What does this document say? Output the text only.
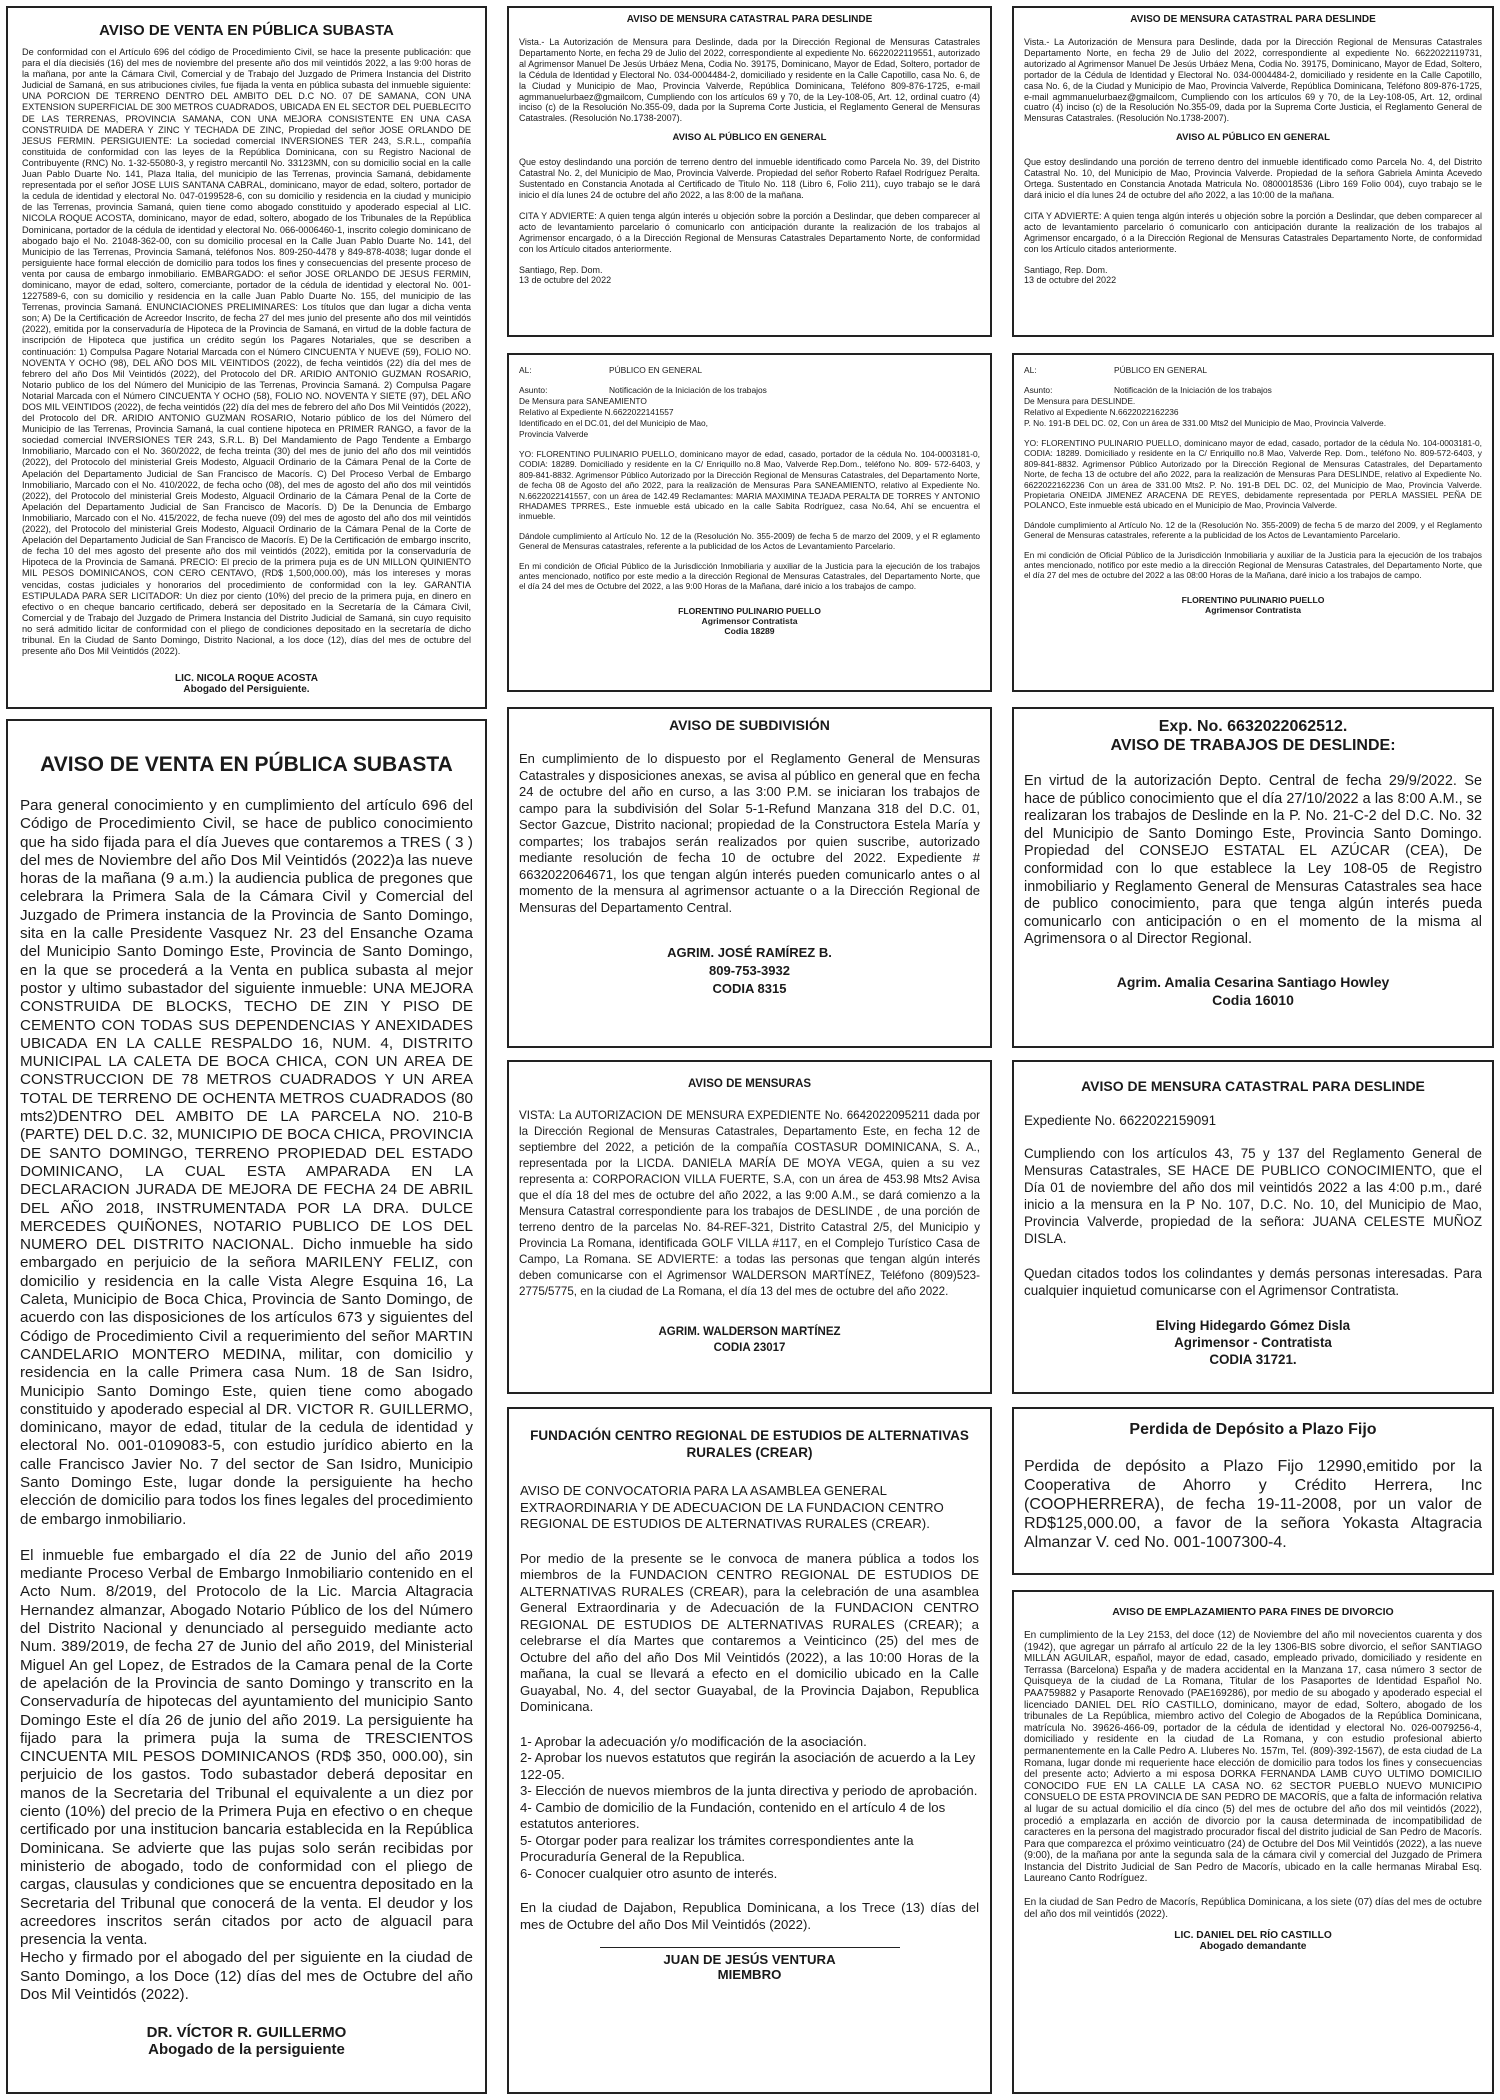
AVISO DE VENTA EN PÚBLICA SUBASTA

De conformidad con el Artículo 696 del código de Procedimiento Civil, se hace la presente publicación: que para el día diecisiés (16) del mes de noviembre del presente año dos mil veintidós 2022, a las 9:00 horas de la mañana, por ante la Cámara Civil, Comercial y de Trabajo del Juzgado de Primera Instancia del Distrito Judicial de Samaná, en sus atribuciones civiles, fue fijada la venta en pública subasta del inmueble siguiente: UNA PORCION DE TERRENO DENTRO DEL AMBITO DEL D.C NO. 07 DE SAMANA, CON UNA EXTENSION SUPERFICIAL DE 300 METROS CUADRADOS, UBICADA EN EL SECTOR DEL PUEBLECITO DE LAS TERRENAS, PROVINCIA SAMANA, CON UNA MEJORA CONSISTENTE EN UNA CASA CONSTRUIDA DE MADERA Y ZINC Y TECHADA DE ZINC, Propiedad del señor JOSE ORLANDO DE JESUS FERMIN. PERSIGUIENTE: La sociedad comercial INVERSIONES TER 243, S.R.L., compañía constituida de conformidad con las leyes de la República Dominicana, con su Registro Nacional de Contribuyente (RNC) No. 1-32-55080-3, y registro mercantil No. 33123MN, con su domicilio social en la calle Juan Pablo Duarte No. 141, Plaza Italia, del municipio de las Terrenas, provincia Samaná, debidamente representada por el señor JOSE LUIS SANTANA CABRAL, dominicano, mayor de edad, soltero, portador de la cedula de identidad y electoral No. 047-0199528-6, con su domicilio y residencia en la ciudad y municipio de las Terrenas, provincia Samaná, quien tiene como abogado constituido y apoderado especial al LIC. NICOLA ROQUE ACOSTA, dominicano, mayor de edad, soltero, abogado de los Tribunales de la República Dominicana, portador de la cédula de identidad y electoral No. 066-0006460-1, inscrito colegio dominicano de abogado bajo el No. 21048-362-00, con su domicilio procesal en la Calle Juan Pablo Duarte No. 141, del Municipio de las Terrenas, Provincia Samaná, teléfonos Nos. 809-250-4478 y 849-878-4038; lugar donde el persiguiente hace formal elección de domicilio para todos los fines y consecuencias del presente proceso de venta por causa de embargo inmobiliario. EMBARGADO: el señor JOSE ORLANDO DE JESUS FERMIN, dominicano, mayor de edad, soltero, comerciante, portador de la cédula de identidad y electoral No. 001-1227589-6, con su domicilio y residencia en la calle Juan Pablo Duarte No. 155, del municipio de las Terrenas, provincia Samaná. ENUNCIACIONES PRELIMINARES: Los títulos que dan lugar a dicha venta son; A) De la Certificación de Acreedor Inscrito, de fecha 27 del mes junio del presente año dos mil veintidós (2022), emitida por la conservaduría de Hipoteca de la Provincia de Samaná, en virtud de la doble factura de inscripción de Hipoteca que justifica un crédito según los Pagares Notariales, que se describen a continuación: 1) Compulsa Pagare Notarial Marcada con el Número CINCUENTA Y NUEVE (59), FOLIO NO. NOVENTA Y OCHO (98), DEL AÑO DOS MIL VEINTIDOS (2022), de fecha veintidós (22) día del mes de febrero del año Dos Mil Veintidós (2022), del Protocolo del DR. ARIDIO ANTONIO GUZMAN ROSARIO, Notario publico de los del Número del Municipio de las Terrenas, Provincia Samaná. 2) Compulsa Pagare Notarial Marcada con el Número CINCUENTA Y OCHO (58), FOLIO NO. NOVENTA Y SIETE (97), DEL AÑO DOS MIL VEINTIDOS (2022), de fecha veintidós (22) día del mes de febrero del año Dos Mil Veintidós (2022), del Protocolo del DR. ARIDIO ANTONIO GUZMAN ROSARIO, Notario público de los del Número del Municipio de las Terrenas, Provincia Samaná, la cual contiene hipoteca en PRIMER RANGO, a favor de la sociedad comercial INVERSIONES TER 243, S.R.L. B) Del Mandamiento de Pago Tendente a Embargo Inmobiliario, Marcado con el No. 360/2022, de fecha treinta (30) del mes de junio del año dos mil veintidós (2022), del Protocolo del ministerial Greis Modesto, Alguacil Ordinario de la Cámara Penal de la Corte de Apelación del Departamento Judicial de San Francisco de Macorís. C) Del Proceso Verbal de Embargo Inmobiliario, Marcado con el No. 410/2022, de fecha ocho (08), del mes de agosto del año dos mil veintidós (2022), del Protocolo del ministerial Greis Modesto, Alguacil Ordinario de la Cámara Penal de la Corte de Apelación del Departamento Judicial de San Francisco de Macorís. D) De la Denuncia de Embargo Inmobiliario, Marcado con el No. 415/2022, de fecha nueve (09) del mes de agosto del año dos mil veintidós (2022), del Protocolo del ministerial Greis Modesto, Alguacil Ordinario de la Cámara Penal de la Corte de Apelación del Departamento Judicial de San Francisco de Macorís. E) De la Certificación de embargo inscrito, de fecha 10 del mes agosto del presente año dos mil veintidós (2022), emitida por la conservaduría de Hipoteca de la Provincia de Samaná. PRECIO: El precio de la primera puja es de UN MILLON QUINIENTO MIL PESOS DOMINICANOS, CON CERO CENTAVO, (RD$ 1,500,000.00), más los intereses y moras vencidas, costas judiciales y honorarios del procedimiento de conformidad con la ley. GARANTIA ESTIPULADA PARA SER LICITADOR: Un diez por ciento (10%) del precio de la primera puja, en dinero en efectivo o en cheque bancario certificado, deberá ser depositado en la Secretaría de la Cámara Civil, Comercial y de Trabajo del Juzgado de Primera Instancia del Distrito Judicial de Samaná, sin cuyo requisito no será admitido licitar de conformidad con el pliego de condiciones depositado en la secretaría de dicho tribunal. En la Ciudad de Santo Domingo, Distrito Nacional, a los doce (12), días del mes de octubre del presente año Dos Mil Veintidós (2022).

LIC. NICOLA ROQUE ACOSTA

Abogado del Persiguiente.

AVISO DE VENTA EN PÚBLICA SUBASTA

Para general conocimiento y en cumplimiento del artículo 696 del Código de Procedimiento Civil, se hace de publico conocimiento que ha sido fijada para el día Jueves que contaremos a TRES ( 3 ) del mes de Noviembre del año Dos Mil Veintidós (2022)a las nueve horas de la mañana (9 a.m.) la audiencia publica de pregones que celebrara la Primera Sala de la Cámara Civil y Comercial del Juzgado de Primera instancia de la Provincia de Santo Domingo, sita en la calle Presidente Vasquez Nr. 23 del Ensanche Ozama del Municipio Santo Domingo Este, Provincia de Santo Domingo, en la que se procederá a la Venta en publica subasta al mejor postor y ultimo subastador del siguiente inmueble: UNA MEJORA CONSTRUIDA DE BLOCKS, TECHO DE ZIN Y PISO DE CEMENTO CON TODAS SUS DEPENDENCIAS Y ANEXIDADES UBICADA EN LA CALLE RESPALDO 16, NUM. 4, DISTRITO MUNICIPAL LA CALETA DE BOCA CHICA, CON UN AREA DE CONSTRUCCION DE 78 METROS CUADRADOS Y UN AREA TOTAL DE TERRENO DE OCHENTA METROS CUADRADOS (80 mts2)DENTRO DEL AMBITO DE LA PARCELA NO. 210-B (PARTE) DEL D.C. 32, MUNICIPIO DE BOCA CHICA, PROVINCIA DE SANTO DOMINGO, TERRENO PROPIEDAD DEL ESTADO DOMINICANO, LA CUAL ESTA AMPARADA EN LA DECLARACION JURADA DE MEJORA DE FECHA 24 DE ABRIL DEL AÑO 2018, INSTRUMENTADA POR LA DRA. DULCE MERCEDES QUIÑONES, NOTARIO PUBLICO DE LOS DEL NUMERO DEL DISTRITO NACIONAL. Dicho inmueble ha sido embargado en perjuicio de la señora MARILENY FELIZ, con domicilio y residencia en la calle Vista Alegre Esquina 16, La Caleta, Municipio de Boca Chica, Provincia de Santo Domingo, de acuerdo con las disposiciones de los artículos 673 y siguientes del Código de Procedimiento Civil a requerimiento del señor MARTIN CANDELARIO MONTERO MEDINA, militar, con domicilio y residencia en la calle Primera casa Num. 18 de San Isidro, Municipio Santo Domingo Este, quien tiene como abogado constituido y apoderado especial al DR. VICTOR R. GUILLERMO, dominicano, mayor de edad, titular de la cedula de identidad y electoral No. 001-0109083-5, con estudio jurídico abierto en la calle Francisco Javier No. 7 del sector de San Isidro, Municipio Santo Domingo Este, lugar donde la persiguiente ha hecho elección de domicilio para todos los fines legales del procedimiento de embargo inmobiliario.

El inmueble fue embargado el día 22 de Junio del año 2019 mediante Proceso Verbal de Embargo Inmobiliario contenido en el Acto Num. 8/2019, del Protocolo de la Lic. Marcia Altagracia Hernandez almanzar, Abogado Notario Público de los del Número del Distrito Nacional y denunciado al perseguido mediante acto Num. 389/2019, de fecha 27 de Junio del año 2019, del Ministerial Miguel An gel Lopez, de Estrados de la Camara penal de la Corte de apelación de la Provincia de santo Domingo y transcrito en la Conservaduría de hipotecas del ayuntamiento del municipio Santo Domingo Este el día 26 de junio del año 2019. La persiguiente ha fijado para la primera puja la suma de TRESCIENTOS CINCUENTA MIL PESOS DOMINICANOS (RD$ 350, 000.00), sin perjuicio de los gastos. Todo subastador deberá depositar en manos de la Secretaria del Tribunal el equivalente a un diez por ciento (10%) del precio de la Primera Puja en efectivo o en cheque certificado por una institucion bancaria establecida en la República Dominicana. Se advierte que las pujas solo serán recibidas por ministerio de abogado, todo de conformidad con el pliego de cargas, clausulas y condiciones que se encuentra depositado en la Secretaria del Tribunal que conocerá de la venta. El deudor y los acreedores inscritos serán citados por acto de alguacil para presencia la venta.

Hecho y firmado por el abogado del per siguiente en la ciudad de Santo Domingo, a los Doce (12) días del mes de Octubre del año Dos Mil Veintidós (2022).

DR. VÍCTOR R. GUILLERMO

Abogado de la persiguiente

AVISO DE MENSURA CATASTRAL PARA DESLINDE

Vista.- La Autorización de Mensura para Deslinde, dada por la Dirección Regional de Mensuras Catastrales Departamento Norte, en fecha 29 de Julio del 2022, correspondiente al expediente No. 6622022119551, autorizado al Agrimensor Manuel De Jesús Urbáez Mena, Codia No. 39175, Dominicano, Mayor de Edad, Soltero, portador de la Cédula de Identidad y Electoral No. 034-0004484-2, domiciliado y residente en la Calle Capotillo, casa No. 6, de la Ciudad y Municipio de Mao, Provincia Valverde, República Dominicana, Teléfono 809-876-1725, e-mail agmmanuelurbaez@gmailcom, Cumpliendo con los artículos 69 y 70, de la Ley-108-05, Art. 12, ordinal cuatro (4) inciso (c) de la Resolución No.355-09, dada por la Suprema Corte Justicia, el Reglamento General de Mensuras Catastrales. (Resolución No.1738-2007).

AVISO AL PÚBLICO EN GENERAL

Que estoy deslindando una porción de terreno dentro del inmueble identificado como Parcela No. 39, del Distrito Catastral No. 2, del Municipio de Mao, Provincia Valverde. Propiedad del señor Roberto Rafael Rodríguez Peralta. Sustentado en Constancia Anotada al Certificado de Titulo No. 118 (Libro 6, Folio 211), cuyo trabajo se le dará inicio el día lunes 24 de octubre del año 2022, a las 8:00 de la mañana.

CITA Y ADVIERTE: A quien tenga algún interés u objeción sobre la porción a Deslindar, que deben comparecer al acto de levantamiento parcelario ó comunicarlo con anticipación durante la realización de los trabajos al Agrimensor encargado, ó a la Dirección Regional de Mensuras Catastrales Departamento Norte, de conformidad con los Artículo citados anteriormente.

Santiago, Rep. Dom.

13 de octubre del 2022

AL:	PÚBLICO EN GENERAL
Asunto:	Notificación de la Iniciación de los trabajos

De Mensura para SANEAMIENTO

Relativo al Expediente N.6622022141557

Identificado en el DC.01, del del Municipio de Mao,

Provincia Valverde

YO: FLORENTINO PULINARIO PUELLO, dominicano mayor de edad, casado, portador de la cédula No. 104-0003181-0, CODIA: 18289. Domiciliado y residente en la C/ Enriquillo no.8 Mao, Valverde Rep.Dom., teléfono No. 809- 572-6403, y 809-841-8832. Agrimensor Público Autorizado por la Dirección Regional de Mensuras Catastrales, del Departamento Norte, de fecha 08 de Agosto del año 2022, para la realización de Mensuras Para SANEAMIENTO, relativo al Expediente No. N.6622022141557, con un área de 142.49 Reclamantes: MARIA MAXIMINA TEJADA PERALTA DE TORRES Y ANTONIO RHADAMES TPRRES., Este inmueble está ubicado en la calle Sabita Rodríguez, casa No.64, Ahí se encuentra el inmueble.

Dándole cumplimiento al Artículo No. 12 de la (Resolución No. 355-2009) de fecha 5 de marzo del 2009, y el R eglamento General de Mensuras catastrales, referente a la publicidad de los Actos de Levantamiento Parcelario.

En mi condición de Oficial Público de la Jurisdicción Inmobiliaria y auxiliar de la Justicia para la ejecución de los trabajos antes mencionado, notifico por este medio a la dirección Regional de Mensuras Catastrales, del Departamento Norte, que el día 24 del mes de Octubre del 2022, a las 9:00 Horas de la Mañana, daré inicio a los trabajos de campo.

FLORENTINO PULINARIO PUELLO

Agrimensor Contratista

Codia 18289

AVISO DE SUBDIVISIÓN

En cumplimiento de lo dispuesto por el Reglamento General de Mensuras Catastrales y disposiciones anexas, se avisa al público en general que en fecha 24 de octubre del año en curso, a las 3:00 P.M. se iniciaran los trabajos de campo para la subdivisión del Solar 5-1-Refund Manzana 318 del D.C. 01, Sector Gazcue, Distrito nacional; propiedad de la Constructora Estela María y compartes; los trabajos serán realizados por quien suscribe, autorizado mediante resolución de fecha 10 de octubre del 2022. Expediente # 6632022064671, los que tengan algún interés pueden comunicarlo antes o al momento de la mensura al agrimensor actuante o a la Dirección Regional de Mensuras del Departamento Central.

AGRIM. JOSÉ RAMÍREZ B.

809-753-3932

CODIA 8315

AVISO DE MENSURAS

VISTA: La AUTORIZACION DE MENSURA EXPEDIENTE No. 6642022095211 dada por la Dirección Regional de Mensuras Catastrales, Departamento Este, en fecha 12 de septiembre del 2022, a petición de la compañía COSTASUR DOMINICANA, S. A., representada por la LICDA. DANIELA MARÍA DE MOYA VEGA, quien a su vez representa a: CORPORACION VILLA FUERTE, S.A, con un área de 453.98 Mts2 Avisa que el día 18 del mes de octubre del año 2022, a las 9:00 A.M., se dará comienzo a la Mensura Catastral correspondiente para los trabajos de DESLINDE , de una porción de terreno dentro de la parcelas No. 84-REF-321, Distrito Catastral 2/5, del Municipio y Provincia La Romana, identificada GOLF VILLA #117, en el Complejo Turístico Casa de Campo, La Romana. SE ADVIERTE: a todas las personas que tengan algún interés deben comunicarse con el Agrimensor WALDERSON MARTÍNEZ, Teléfono (809)523-2775/5775, en la ciudad de La Romana, el día 13 del mes de octubre del año 2022.

AGRIM. WALDERSON MARTÍNEZ

CODIA 23017

FUNDACIÓN CENTRO REGIONAL DE ESTUDIOS DE ALTERNATIVAS RURALES (CREAR)

AVISO DE CONVOCATORIA PARA LA ASAMBLEA GENERAL EXTRAORDINARIA Y DE ADECUACION DE LA FUNDACION CENTRO REGIONAL DE ESTUDIOS DE ALTERNATIVAS RURALES (CREAR).

Por medio de la presente se le convoca de manera pública a todos los miembros de la FUNDACION CENTRO REGIONAL DE ESTUDIOS DE ALTERNATIVAS RURALES (CREAR), para la celebración de una asamblea General Extraordinaria y de Adecuación de la FUNDACION CENTRO REGIONAL DE ESTUDIOS DE ALTERNATIVAS RURALES (CREAR); a celebrarse el día Martes que contaremos a Veinticinco (25) del mes de Octubre del año del año Dos Mil Veintidós (2022), a las 10:00 Horas de la mañana, la cual se llevará a efecto en el domicilio ubicado en la Calle Guayabal, No. 4, del sector Guayabal, de la Provincia Dajabon, Republica Dominicana.

1- Aprobar la adecuación y/o modificación de la asociación.
2- Aprobar los nuevos estatutos que regirán la asociación de acuerdo a la Ley 122-05.
3- Elección de nuevos miembros de la junta directiva y periodo de aprobación.
4- Cambio de domicilio de la Fundación, contenido en el artículo 4 de los estatutos anteriores.
5- Otorgar poder para realizar los trámites correspondientes ante la Procuraduría General de la Republica.
6- Conocer cualquier otro asunto de interés.

En la ciudad de Dajabon, Republica Dominicana, a los Trece (13) días del mes de Octubre del año Dos Mil Veintidós (2022).

JUAN DE JESÚS VENTURA

MIEMBRO

AVISO DE MENSURA CATASTRAL PARA DESLINDE

Vista.- La Autorización de Mensura para Deslinde, dada por la Dirección Regional de Mensuras Catastrales Departamento Norte, en fecha 29 de Julio del 2022, correspondiente al expediente No. 6622022119731, autorizado al Agrimensor Manuel De Jesús Urbáez Mena, Codia No. 39175, Dominicano, Mayor de Edad, Soltero, portador de la Cédula de Identidad y Electoral No. 034-0004484-2, domiciliado y residente en la Calle Capotillo, casa No. 6, de la Ciudad y Municipio de Mao, Provincia Valverde, República Dominicana, Teléfono 809-876-1725, e-mail agmmanuelurbaez@gmailcom, Cumpliendo con los artículos 69 y 70, de la Ley-108-05, Art. 12, ordinal cuatro (4) inciso (c) de la Resolución No.355-09, dada por la Suprema Corte Justicia, el Reglamento General de Mensuras Catastrales. (Resolución No.1738-2007).

AVISO AL PÚBLICO EN GENERAL

Que estoy deslindando una porción de terreno dentro del inmueble identificado como Parcela No. 4, del Distrito Catastral No. 10, del Municipio de Mao, Provincia Valverde. Propiedad de la señora Gabriela Aminta Acevedo Ortega. Sustentado en Constancia Anotada Matricula No. 0800018536 (Libro 169 Folio 004), cuyo trabajo se le dará inicio el día lunes 24 de octubre del año 2022, a las 10:00 de la mañana.

CITA Y ADVIERTE: A quien tenga algún interés u objeción sobre la porción a Deslindar, que deben comparecer al acto de levantamiento parcelario ó comunicarlo con anticipación durante la realización de los trabajos al Agrimensor encargado, ó a la Dirección Regional de Mensuras Catastrales Departamento Norte, de conformidad con los Artículo citados anteriormente.

Santiago, Rep. Dom.

13 de octubre del 2022

AL:	PÚBLICO EN GENERAL
Asunto:	Notificación de la Iniciación de los trabajos

De Mensura para DESLINDE.

Relativo al Expediente N.6622022162236

P. No. 191-B DEL DC. 02, Con un área de 331.00 Mts2 del Municipio de Mao, Provincia Valverde.

YO: FLORENTINO PULINARIO PUELLO, dominicano mayor de edad, casado, portador de la cédula No. 104-0003181-0, CODIA: 18289. Domiciliado y residente en la C/ Enriquillo no.8 Mao, Valverde Rep. Dom., teléfono No. 809-572-6403, y 809-841-8832. Agrimensor Público Autorizado por la Dirección Regional de Mensuras Catastrales, del Departamento Norte, de fecha 13 de octubre del año 2022, para la realización de Mensuras Para DESLINDE, relativo al Expediente No. 6622022162236 Con un área de 331.00 Mts2. P. No. 191-B DEL DC. 02, del Municipio de Mao, Provincia Valverde. Propietaria ONEIDA JIMENEZ ARACENA DE REYES, debidamente representada por PERLA MASSIEL PEÑA DE POLANCO, Este inmueble está ubicado en el Municipio de Mao, Provincia Valverde.

Dándole cumplimiento al Artículo No. 12 de la (Resolución No. 355-2009) de fecha 5 de marzo del 2009, y el Reglamento General de Mensuras catastrales, referente a la publicidad de los Actos de Levantamiento Parcelario.

En mi condición de Oficial Público de la Jurisdicción Inmobiliaria y auxiliar de la Justicia para la ejecución de los trabajos antes mencionado, notifico por este medio a la dirección Regional de Mensuras Catastrales, del Departamento Norte, que el día 27 del mes de octubre del 2022 a las 08:00 Horas de la Mañana, daré inicio a los trabajos de campo.

FLORENTINO PULINARIO PUELLO

Agrimensor Contratista

Exp. No. 6632022062512.

AVISO DE TRABAJOS DE DESLINDE:

En virtud de la autorización Depto. Central de fecha 29/9/2022. Se hace de público conocimiento que el día 27/10/2022 a las 8:00 A.M., se realizaran los trabajos de Deslinde en la P. No. 21-C-2 del D.C. No. 32 del Municipio de Santo Domingo Este, Provincia Santo Domingo. Propiedad del CONSEJO ESTATAL EL AZÚCAR (CEA), De conformidad con lo que establece la Ley 108-05 de Registro inmobiliario y Reglamento General de Mensuras Catastrales sea hace de publico conocimiento, para que tenga algún interés pueda comunicarlo con anticipación o en el momento de la misma al Agrimensora o al Director Regional.

Agrim. Amalia Cesarina Santiago Howley

Codia 16010

AVISO DE MENSURA CATASTRAL PARA DESLINDE

Expediente No. 6622022159091

Cumpliendo con los artículos 43, 75 y 137 del Reglamento General de Mensuras Catastrales, SE HACE DE PUBLICO CONOCIMIENTO, que el Día 01 de noviembre del año dos mil veintidós 2022 a las 4:00 p.m., daré inicio a la mensura en la P No. 107, D.C. No. 10, del Municipio de Mao, Provincia Valverde, propiedad de la señora: JUANA CELESTE MUÑOZ DISLA.

Quedan citados todos los colindantes y demás personas interesadas. Para cualquier inquietud comunicarse con el Agrimensor Contratista.

Elving Hidegardo Gómez Disla

Agrimensor - Contratista

CODIA 31721.

Perdida de Depósito a Plazo Fijo

Perdida de depósito a Plazo Fijo 12990,emitido por la Cooperativa de Ahorro y Crédito Herrera, Inc (COOPHERRERA), de fecha 19-11-2008, por un valor de RD$125,000.00, a favor de la señora Yokasta Altagracia Almanzar V. ced No. 001-1007300-4.

AVISO DE EMPLAZAMIENTO PARA FINES DE DIVORCIO

En cumplimiento de la Ley 2153, del doce (12) de Noviembre del año mil novecientos cuarenta y dos (1942), que agregar un párrafo al artículo 22 de la ley 1306-BIS sobre divorcio, el señor SANTIAGO MILLÁN AGUILAR, español, mayor de edad, casado, empleado privado, domiciliado y residente en Terrassa (Barcelona) España y de madera accidental en la Manzana 17, casa número 3 sector de Quisqueya de la ciudad de La Romana, Titular de los Pasaportes de Identidad Español No. PAA759882 y Pasaporte Renovado (PAE169286), por medio de su abogado y apoderado especial el licenciado DANIEL DEL RÍO CASTILLO, dominicano, mayor de edad, Soltero, abogado de los tribunales de La República, miembro activo del Colegio de Abogados de la República Dominicana, matrícula No. 39626-466-09, portador de la cédula de identidad y electoral No. 026-0079256-4, domiciliado y residente en la ciudad de La Romana, y con estudio profesional abierto permanentemente en la Calle Pedro A. Lluberes No. 157m, Tel. (809)-392-1567), de esta ciudad de La Romana, lugar donde mi requeriente hace elección de domicilio para todos los fines y consecuencias del presente acto; Advierto a mi esposa DORKA FERNANDA LAMB CUYO ULTIMO DOMICILIO CONOCIDO FUE EN LA CALLE LA CASA NO. 62 SECTOR PUEBLO NUEVO MUNICIPIO CONSUELO DE ESTA PROVINCIA DE SAN PEDRO DE MACORÍS, que a falta de información relativa al lugar de su actual domicilio el día cinco (5) del mes de octubre del año dos mil veintidós (2022), procedió a emplazarla en acción de divorcio por la causa determinada de incompatibilidad de caracteres en la persona del magistrado procurador fiscal del distrito judicial de San Pedro de Macorís. Para que comparezca el próximo veinticuatro (24) de Octubre del Dos Mil Veintidós (2022), a las nueve (9:00), de la mañana por ante la segunda sala de la cámara civil y comercial del Juzgado de Primera Instancia del Distrito Judicial de San Pedro de Macorís, ubicado en la calle hermanas Mirabal Esq. Laureano Canto Rodríguez.

En la ciudad de San Pedro de Macorís, República Dominicana, a los siete (07) días del mes de octubre del año dos mil veintidós (2022).

LIC. DANIEL DEL RÍO CASTILLO

Abogado demandante
